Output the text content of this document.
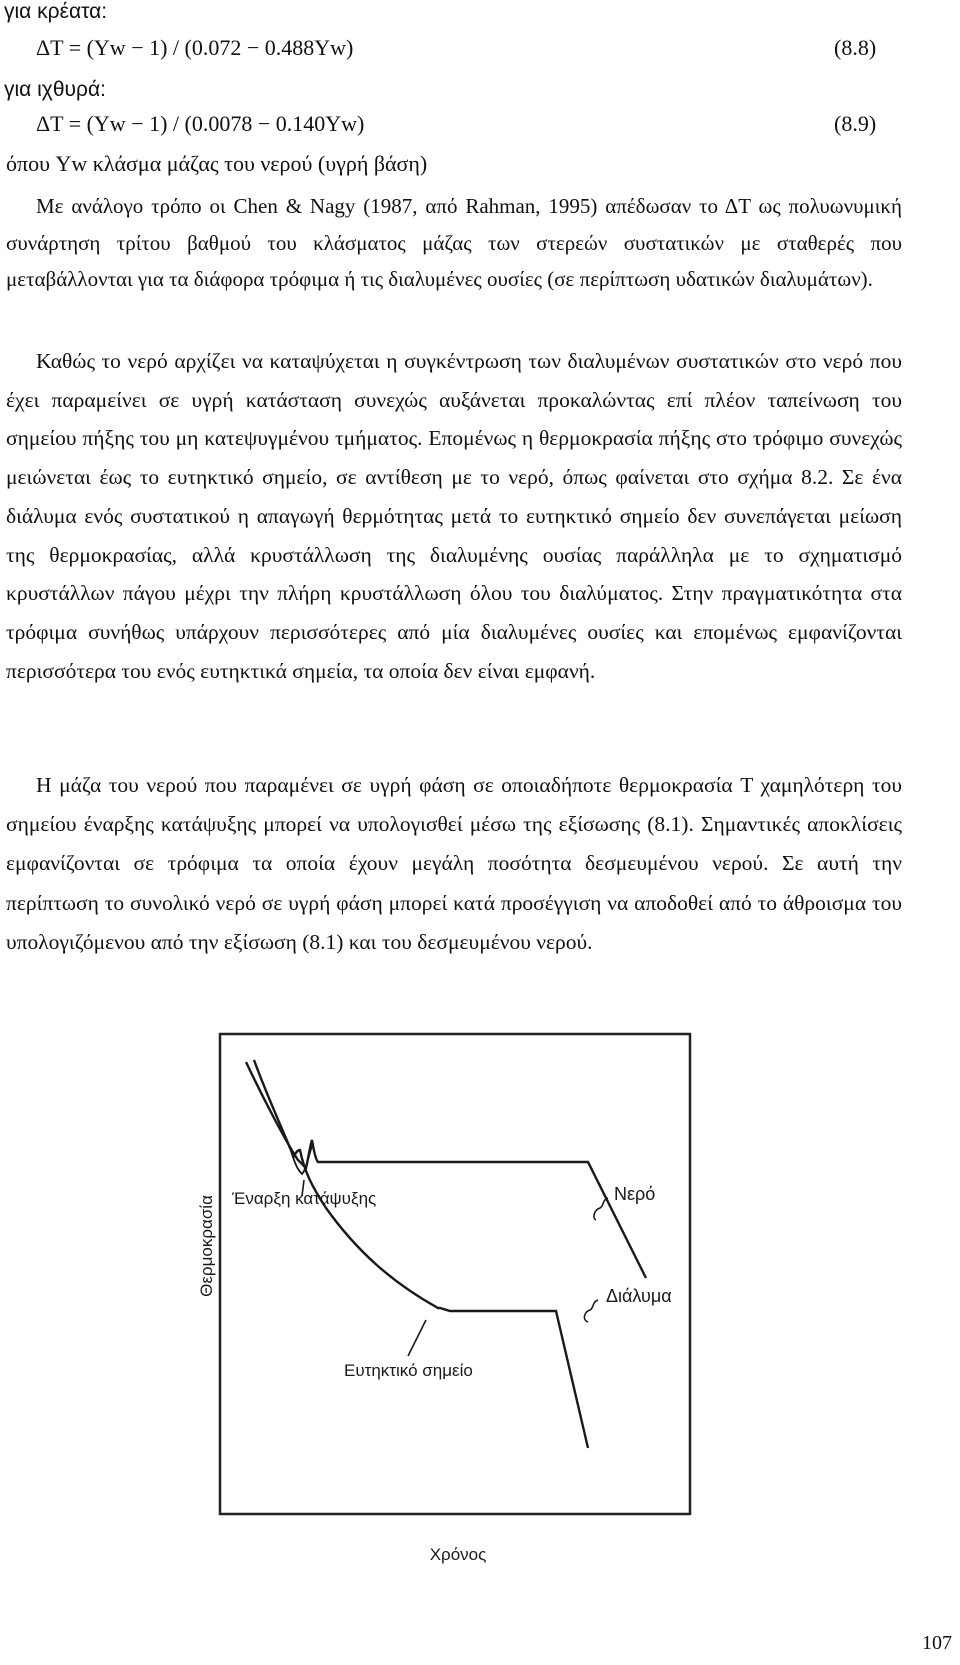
για κρέατα:
ΔT = (Yw − 1) / (0.072 − 0.488Yw)	(8.8)
για ιχθυρά:
ΔT = (Yw − 1) / (0.0078 − 0.140Yw)	(8.9)
όπου Yw κλάσμα μάζας του νερού (υγρή βάση)
Με ανάλογο τρόπο οι Chen & Nagy (1987, από Rahman, 1995) απέδωσαν το ΔT ως πολυωνυμική συνάρτηση τρίτου βαθμού του κλάσματος μάζας των στερεών συστατικών με σταθερές που μεταβάλλονται για τα διάφορα τρόφιμα ή τις διαλυμένες ουσίες (σε περίπτωση υδατικών διαλυμάτων).
Καθώς το νερό αρχίζει να καταψύχεται η συγκέντρωση των διαλυμένων συστατικών στο νερό που έχει παραμείνει σε υγρή κατάσταση συνεχώς αυξάνεται προκαλώντας επί πλέον ταπείνωση του σημείου πήξης του μη κατεψυγμένου τμήματος. Επομένως η θερμοκρασία πήξης στο τρόφιμο συνεχώς μειώνεται έως το ευτηκτικό σημείο, σε αντίθεση με το νερό, όπως φαίνεται στο σχήμα 8.2. Σε ένα διάλυμα ενός συστατικού η απαγωγή θερμότητας μετά το ευτηκτικό σημείο δεν συνεπάγεται μείωση της θερμοκρασίας, αλλά κρυστάλλωση της διαλυμένης ουσίας παράλληλα με το σχηματισμό κρυστάλλων πάγου μέχρι την πλήρη κρυστάλλωση όλου του διαλύματος. Στην πραγματικότητα στα τρόφιμα συνήθως υπάρχουν περισσότερες από μία διαλυμένες ουσίες και επομένως εμφανίζονται περισσότερα του ενός ευτηκτικά σημεία, τα οποία δεν είναι εμφανή.
Η μάζα του νερού που παραμένει σε υγρή φάση σε οποιαδήποτε θερμοκρασία T χαμηλότερη του σημείου έναρξης κατάψυξης μπορεί να υπολογισθεί μέσω της εξίσωσης (8.1). Σημαντικές αποκλίσεις εμφανίζονται σε τρόφιμα τα οποία έχουν μεγάλη ποσότητα δεσμευμένου νερού. Σε αυτή την περίπτωση το συνολικό νερό σε υγρή φάση μπορεί κατά προσέγγιση να αποδοθεί από το άθροισμα του υπολογιζόμενου από την εξίσωση (8.1) και του δεσμευμένου νερού.
Νερό
Διάλυμα
Έναρξη κατάψυξης
Ευτηκτικό σημείο
Θερμοκρασία
Χρόνος
107
